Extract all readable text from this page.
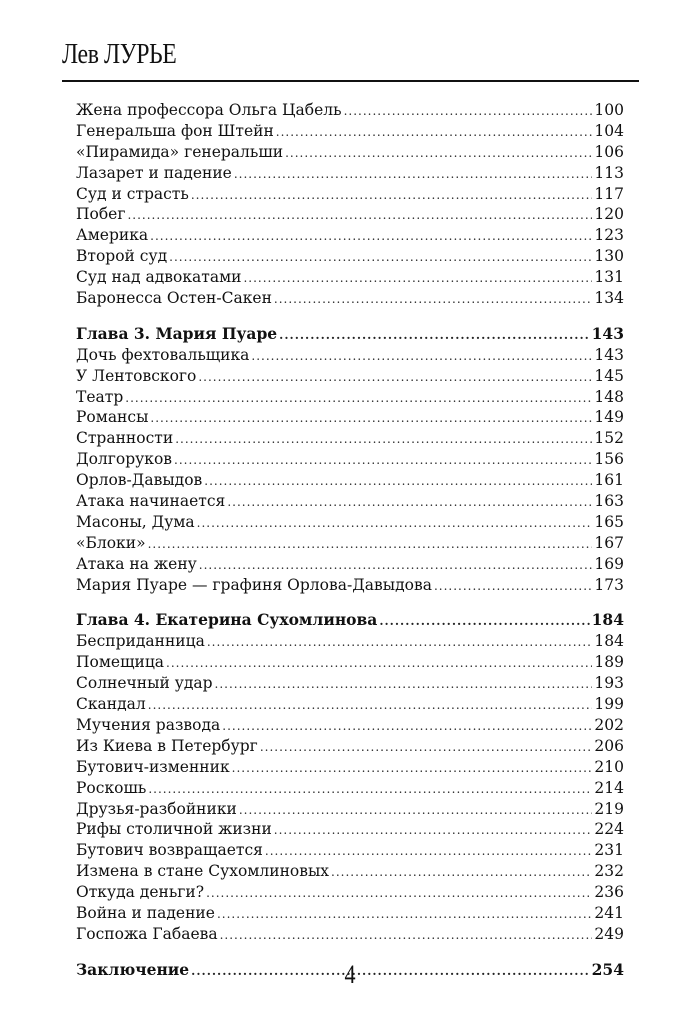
Лев ЛУРЬЕ
Жена профессора Ольга Цабель .....	100
Генеральша фон Штейн .....	104
«Пирамида» генеральши .....	106
Лазарет и падение .....	113
Суд и страсть .....	117
Побег .....	120
Америка .....	123
Второй суд .....	130
Суд над адвокатами .....	131
Баронесса Остен-Сакен .....	134
Глава 3. Мария Пуаре .....	143
Дочь фехтовальщика .....	143
У Лентовского .....	145
Театр .....	148
Романсы .....	149
Странности .....	152
Долгоруков .....	156
Орлов-Давыдов .....	161
Атака начинается .....	163
Масоны, Дума .....	165
«Блоки» .....	167
Атака на жену .....	169
Мария Пуаре — графиня Орлова-Давыдова .....	173
Глава 4. Екатерина Сухомлинова .....	184
Бесприданница .....	184
Помещица .....	189
Солнечный удар .....	193
Скандал .....	199
Мучения развода .....	202
Из Киева в Петербург .....	206
Бутович-изменник .....	210
Роскошь .....	214
Друзья-разбойники .....	219
Рифы столичной жизни .....	224
Бутович возвращается .....	231
Измена в стане Сухомлиновых .....	232
Откуда деньги? .....	236
Война и падение .....	241
Госпожа Габаева .....	249
Заключение .....	254
4
